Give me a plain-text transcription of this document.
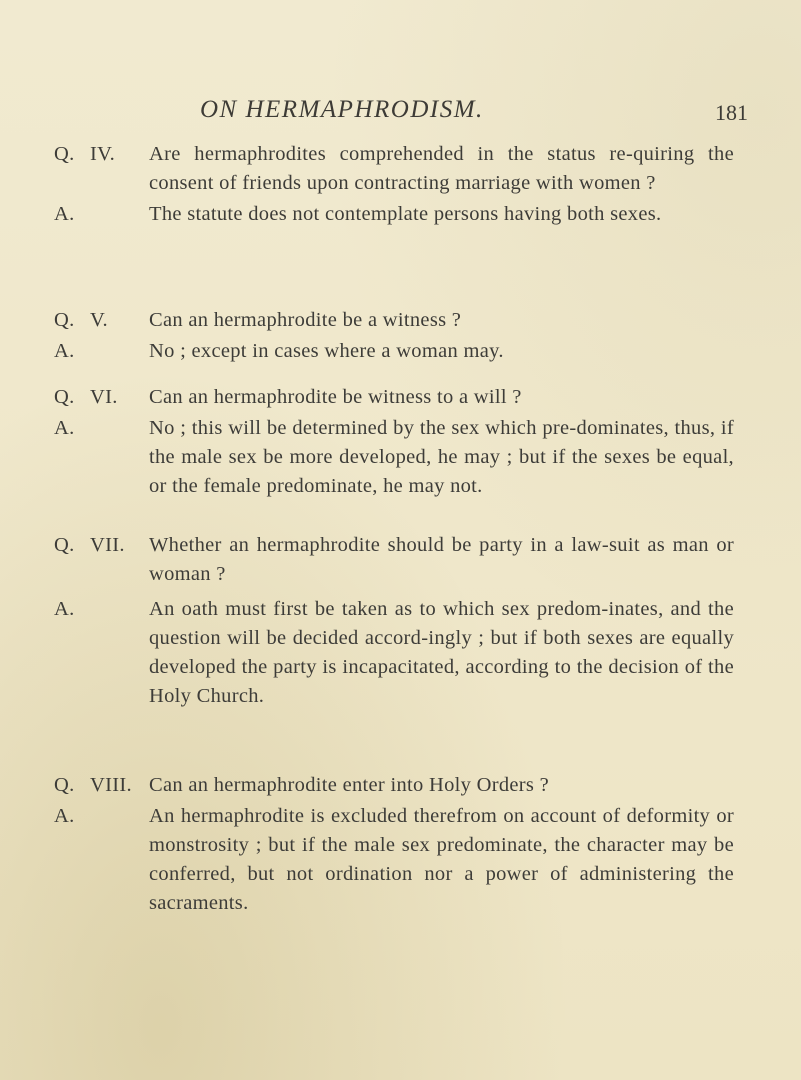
ON HERMAPHRODISM.	181
Q. IV. Are hermaphrodites comprehended in the status re-quiring the consent of friends upon contracting marriage with women ?
A.	The statute does not contemplate persons having both sexes.
Q. V. Can an hermaphrodite be a witness ?
A.	No ; except in cases where a woman may.
Q. VI. Can an hermaphrodite be witness to a will ?
A.	No ; this will be determined by the sex which pre-dominates, thus, if the male sex be more developed, he may ; but if the sexes be equal, or the female predominate, he may not.
Q. VII. Whether an hermaphrodite should be party in a law-suit as man or woman ?
A.	An oath must first be taken as to which sex predom-inates, and the question will be decided accord-ingly ; but if both sexes are equally developed the party is incapacitated, according to the decision of the Holy Church.
Q. VIII. Can an hermaphrodite enter into Holy Orders ?
A.	An hermaphrodite is excluded therefrom on account of deformity or monstrosity ; but if the male sex predominate, the character may be conferred, but not ordination nor a power of administering the sacraments.
